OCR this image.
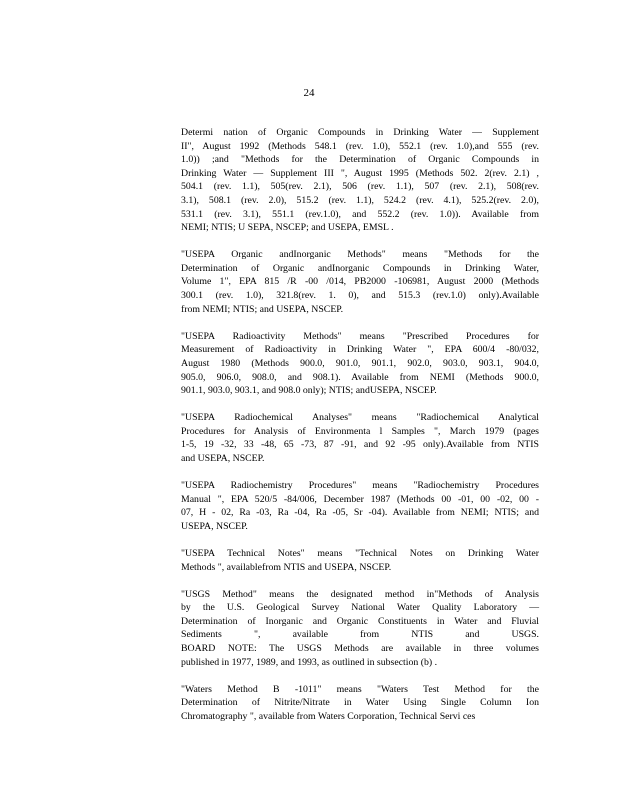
24
Determi nation of Organic Compounds in Drinking Water — Supplement
II", August 1992 (Methods 548.1 (rev. 1.0), 552.1 (rev. 1.0),and 555 (rev.
1.0)) ;and "Methods for the Determination of Organic Compounds in
Drinking Water — Supplement III ", August 1995 (Methods 502. 2(rev. 2.1) ,
504.1 (rev. 1.1), 505(rev. 2.1), 506 (rev. 1.1), 507 (rev. 2.1), 508(rev.
3.1), 508.1 (rev. 2.0), 515.2 (rev. 1.1), 524.2 (rev. 4.1), 525.2(rev. 2.0),
531.1 (rev. 3.1), 551.1 (rev.1.0), and 552.2 (rev. 1.0)). Available from
NEMI; NTIS; U SEPA, NSCEP; and USEPA, EMSL .
"USEPA Organic andInorganic Methods" means "Methods for the
Determination of Organic andInorganic Compounds in Drinking Water,
Volume 1", EPA 815 /R -00 /014, PB2000 -106981, August 2000 (Methods
300.1 (rev. 1.0), 321.8(rev. 1. 0), and 515.3 (rev.1.0) only).Available
from NEMI; NTIS; and USEPA, NSCEP.
"USEPA Radioactivity Methods" means "Prescribed Procedures for
Measurement of Radioactivity in Drinking Water ", EPA 600/4 -80/032,
August 1980 (Methods 900.0, 901.0, 901.1, 902.0, 903.0, 903.1, 904.0,
905.0, 906.0, 908.0, and 908.1). Available from NEMI (Methods 900.0,
901.1, 903.0, 903.1, and 908.0 only); NTIS; andUSEPA, NSCEP.
"USEPA Radiochemical Analyses" means "Radiochemical Analytical
Procedures for Analysis of Environmenta l Samples ", March 1979 (pages
1-5, 19 -32, 33 -48, 65 -73, 87 -91, and 92 -95 only).Available from NTIS
and USEPA, NSCEP.
"USEPA Radiochemistry Procedures" means "Radiochemistry Procedures
Manual ", EPA 520/5 -84/006, December 1987 (Methods 00 -01, 00 -02, 00 -
07, H - 02, Ra -03, Ra -04, Ra -05, Sr -04). Available from NEMI; NTIS; and
USEPA, NSCEP.
"USEPA Technical Notes" means "Technical Notes on Drinking Water
Methods ", availablefrom NTIS and USEPA, NSCEP.
"USGS Method" means the designated method in"Methods of Analysis
by the U.S. Geological Survey National Water Quality Laboratory —
Determination of Inorganic and Organic Constituents in Water and Fluvial
Sediments ", available from NTIS and USGS.
BOARD NOTE: The USGS Methods are available in three volumes
published in 1977, 1989, and 1993, as outlined in subsection (b) .
"Waters Method B -1011" means "Waters Test Method for the
Determination of Nitrite/Nitrate in Water Using Single Column Ion
Chromatography ", available from Waters Corporation, Technical Servi ces
